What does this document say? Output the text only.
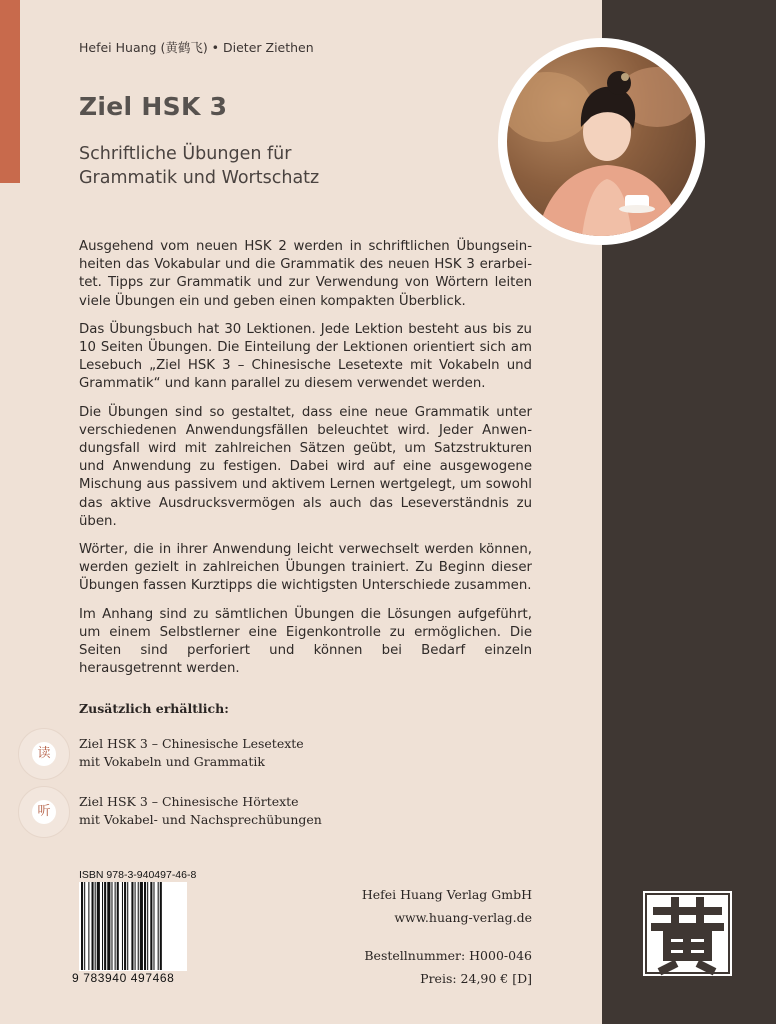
Hefei Huang (黄鹤飞) • Dieter Ziethen
Ziel HSK 3
Schriftliche Übungen für
Grammatik und Wortschatz

Ausgehend vom neuen HSK 2 werden in schriftlichen Übungseinheiten das Vokabular und die Grammatik des neuen HSK 3 erarbeitet. Tipps zur Grammatik und zur Verwendung von Wörtern leiten viele Übungen ein und geben einen kompakten Überblick.

Das Übungsbuch hat 30 Lektionen. Jede Lektion besteht aus bis zu 10 Seiten Übungen. Die Einteilung der Lektionen orientiert sich am Lesebuch „Ziel HSK 3 – Chinesische Lesetexte mit Vokabeln und Grammatik“ und kann parallel zu diesem verwendet werden.

Die Übungen sind so gestaltet, dass eine neue Grammatik unter verschiedenen Anwendungsfällen beleuchtet wird. Jeder Anwendungsfall wird mit zahlreichen Sätzen geübt, um Satzstrukturen und Anwendung zu festigen. Dabei wird auf eine ausgewogene Mischung aus passivem und aktivem Lernen wertgelegt, um sowohl das aktive Ausdrucksvermögen als auch das Leseverständnis zu üben.

Wörter, die in ihrer Anwendung leicht verwechselt werden können, werden gezielt in zahlreichen Übungen trainiert. Zu Beginn dieser Übungen fassen Kurztipps die wichtigsten Unterschiede zusammen.

Im Anhang sind zu sämtlichen Übungen die Lösungen aufgeführt, um einem Selbstlerner eine Eigenkontrolle zu ermöglichen. Die Seiten sind perforiert und können bei Bedarf einzeln herausgetrennt werden.

Zusätzlich erhältlich:
读
Ziel HSK 3 – Chinesische Lesetexte
mit Vokabeln und Grammatik
听
Ziel HSK 3 – Chinesische Hörtexte
mit Vokabel- und Nachsprechübungen
ISBN 978-3-940497-46-8
9 783940 497468
Hefei Huang Verlag GmbH
www.huang-verlag.de
Bestellnummer: H000-046
Preis: 24,90 € [D]
